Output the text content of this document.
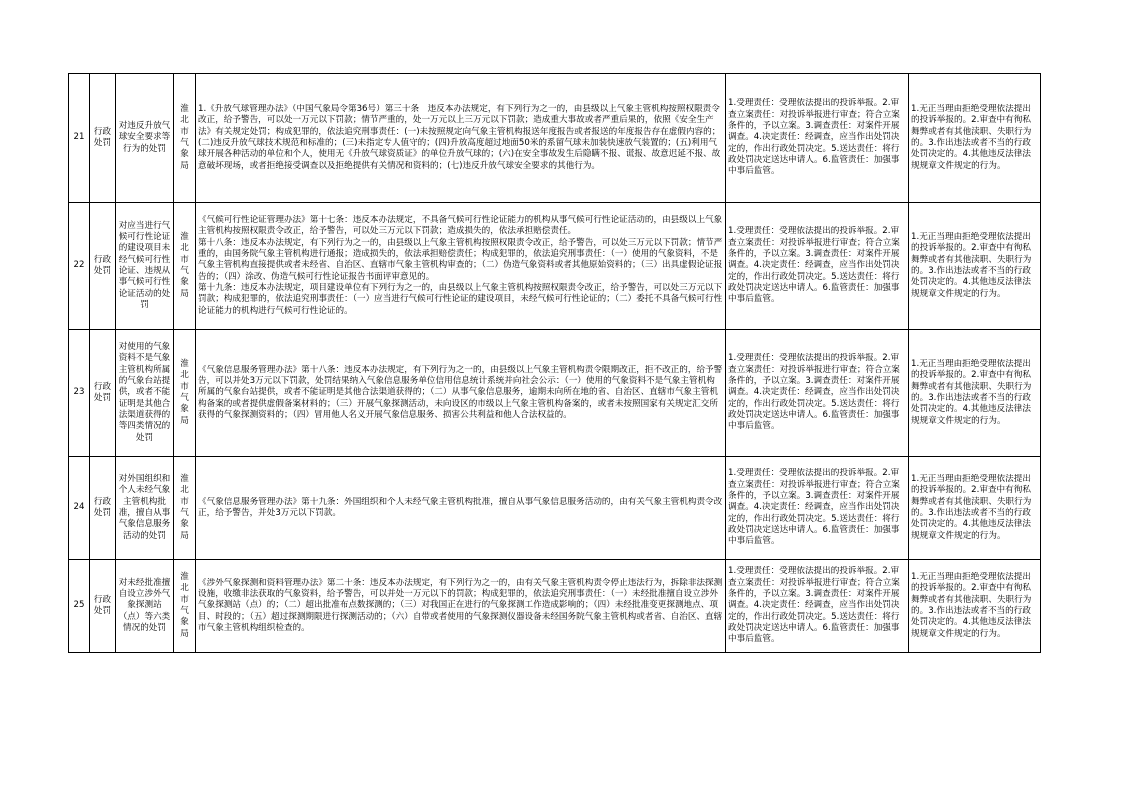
21	行政处罚	对违反升放气球安全要求等行为的处罚	淮北市气象局	1.《升放气球管理办法》（中国气象局令第36号）第三十条　违反本办法规定，有下列行为之一的，由县级以上气象主管机构按照权限责令改正，给予警告，可以处一万元以下罚款；情节严重的，处一万元以上三万元以下罚款；造成重大事故或者严重后果的，依照《安全生产法》有关规定处罚；构成犯罪的，依法追究刑事责任：(一)未按照规定向气象主管机构报送年度报告或者报送的年度报告存在虚假内容的；(二)违反升放气球技术规范和标准的；(三)未指定专人值守的；(四)升放高度超过地面50米的系留气球未加装快速放气装置的；(五)利用气球开展各种活动的单位和个人，使用无《升放气球资质证》的单位升放气球的；(六)在安全事故发生后隐瞒不报、谎报、故意迟延不报、故意破坏现场，或者拒绝接受调查以及拒绝提供有关情况和资料的；(七)违反升放气球安全要求的其他行为。	1.受理责任：受理依法提出的投诉举报。2.审查立案责任：对投诉举报进行审查；符合立案条件的，予以立案。3.调查责任：对案件开展调查。4.决定责任：经调查，应当作出处罚决定的，作出行政处罚决定。5.送达责任：将行政处罚决定送达申请人。6.监管责任：加强事中事后监管。	1.无正当理由拒绝受理依法提出的投诉举报的。2.审查中有徇私舞弊或者有其他渎职、失职行为的。3.作出违法或者不当的行政处罚决定的。4.其他违反法律法规规章文件规定的行为。

22	行政处罚	对应当进行气候可行性论证的建设项目未经气候可行性论证、违规从事气候可行性论证活动的处罚	淮北市气象局	《气候可行性论证管理办法》第十七条：违反本办法规定，不具备气候可行性论证能力的机构从事气候可行性论证活动的，由县级以上气象主管机构按照权限责令改正，给予警告，可以处三万元以下罚款；造成损失的，依法承担赔偿责任。
第十八条：违反本办法规定，有下列行为之一的，由县级以上气象主管机构按照权限责令改正，给予警告，可以处三万元以下罚款；情节严重的，由国务院气象主管机构进行通报；造成损失的，依法承担赔偿责任；构成犯罪的，依法追究刑事责任：（一）使用的气象资料，不是气象主管机构直接提供或者未经省、自治区、直辖市气象主管机构审查的；（二）伪造气象资料或者其他原始资料的；（三）出具虚假论证报告的；（四）涂改、伪造气候可行性论证报告书面评审意见的。
第十九条：违反本办法规定，项目建设单位有下列行为之一的，由县级以上气象主管机构按照权限责令改正，给予警告，可以处三万元以下罚款；构成犯罪的，依法追究刑事责任：（一）应当进行气候可行性论证的建设项目，未经气候可行性论证的；（二）委托不具备气候可行性论证能力的机构进行气候可行性论证的。	1.受理责任：受理依法提出的投诉举报。2.审查立案责任：对投诉举报进行审查；符合立案条件的，予以立案。3.调查责任：对案件开展调查。4.决定责任：经调查，应当作出处罚决定的，作出行政处罚决定。5.送达责任：将行政处罚决定送达申请人。6.监管责任：加强事中事后监管。	1.无正当理由拒绝受理依法提出的投诉举报的。2.审查中有徇私舞弊或者有其他渎职、失职行为的。3.作出违法或者不当的行政处罚决定的。4.其他违反法律法规规章文件规定的行为。

23	行政处罚	对使用的气象资料不是气象主管机构所属的气象台站提供，或者不能证明是其他合法渠道获得的等四类情况的处罚	淮北市气象局	《气象信息服务管理办法》第十八条：违反本办法规定，有下列行为之一的，由县级以上气象主管机构责令限期改正，拒不改正的，给予警告，可以并处3万元以下罚款，处罚结果纳入气象信息服务单位信用信息统计系统并向社会公示：（一）使用的气象资料不是气象主管机构所属的气象台站提供，或者不能证明是其他合法渠道获得的；（二）从事气象信息服务，逾期未向所在地的省、自治区、直辖市气象主管机构备案的或者提供虚假备案材料的；（三）开展气象探测活动，未向设区的市级以上气象主管机构备案的，或者未按照国家有关规定汇交所获得的气象探测资料的；（四）冒用他人名义开展气象信息服务、损害公共利益和他人合法权益的。	1.受理责任：受理依法提出的投诉举报。2.审查立案责任：对投诉举报进行审查；符合立案条件的，予以立案。3.调查责任：对案件开展调查。4.决定责任：经调查，应当作出处罚决定的，作出行政处罚决定。5.送达责任：将行政处罚决定送达申请人。6.监管责任：加强事中事后监管。	1.无正当理由拒绝受理依法提出的投诉举报的。2.审查中有徇私舞弊或者有其他渎职、失职行为的。3.作出违法或者不当的行政处罚决定的。4.其他违反法律法规规章文件规定的行为。

24	行政处罚	对外国组织和个人未经气象主管机构批准，擅自从事气象信息服务活动的处罚	淮北市气象局	《气象信息服务管理办法》第十九条：外国组织和个人未经气象主管机构批准，擅自从事气象信息服务活动的，由有关气象主管机构责令改正，给予警告，并处3万元以下罚款。	1.受理责任：受理依法提出的投诉举报。2.审查立案责任：对投诉举报进行审查；符合立案条件的，予以立案。3.调查责任：对案件开展调查。4.决定责任：经调查，应当作出处罚决定的，作出行政处罚决定。5.送达责任：将行政处罚决定送达申请人。6.监管责任：加强事中事后监管。	1.无正当理由拒绝受理依法提出的投诉举报的。2.审查中有徇私舞弊或者有其他渎职、失职行为的。3.作出违法或者不当的行政处罚决定的。4.其他违反法律法规规章文件规定的行为。

25	行政处罚	对未经批准擅自设立涉外气象探测站（点）等六类情况的处罚	淮北市气象局	《涉外气象探测和资料管理办法》第二十条：违反本办法规定，有下列行为之一的，由有关气象主管机构责令停止违法行为，拆除非法探测设施，收缴非法获取的气象资料，给予警告，可以并处一万元以下的罚款；构成犯罪的，依法追究刑事责任：（一）未经批准擅自设立涉外气象探测站（点）的；（二）超出批准布点数探测的；（三）对我国正在进行的气象探测工作造成影响的；（四）未经批准变更探测地点、项目、时段的；（五）超过探测期限进行探测活动的；（六）自带或者使用的气象探测仪器设备未经国务院气象主管机构或者省、自治区、直辖市气象主管机构组织检查的。	1.受理责任：受理依法提出的投诉举报。2.审查立案责任：对投诉举报进行审查；符合立案条件的，予以立案。3.调查责任：对案件开展调查。4.决定责任：经调查，应当作出处罚决定的，作出行政处罚决定。5.送达责任：将行政处罚决定送达申请人。6.监管责任：加强事中事后监管。	1.无正当理由拒绝受理依法提出的投诉举报的。2.审查中有徇私舞弊或者有其他渎职、失职行为的。3.作出违法或者不当的行政处罚决定的。4.其他违反法律法规规章文件规定的行为。
